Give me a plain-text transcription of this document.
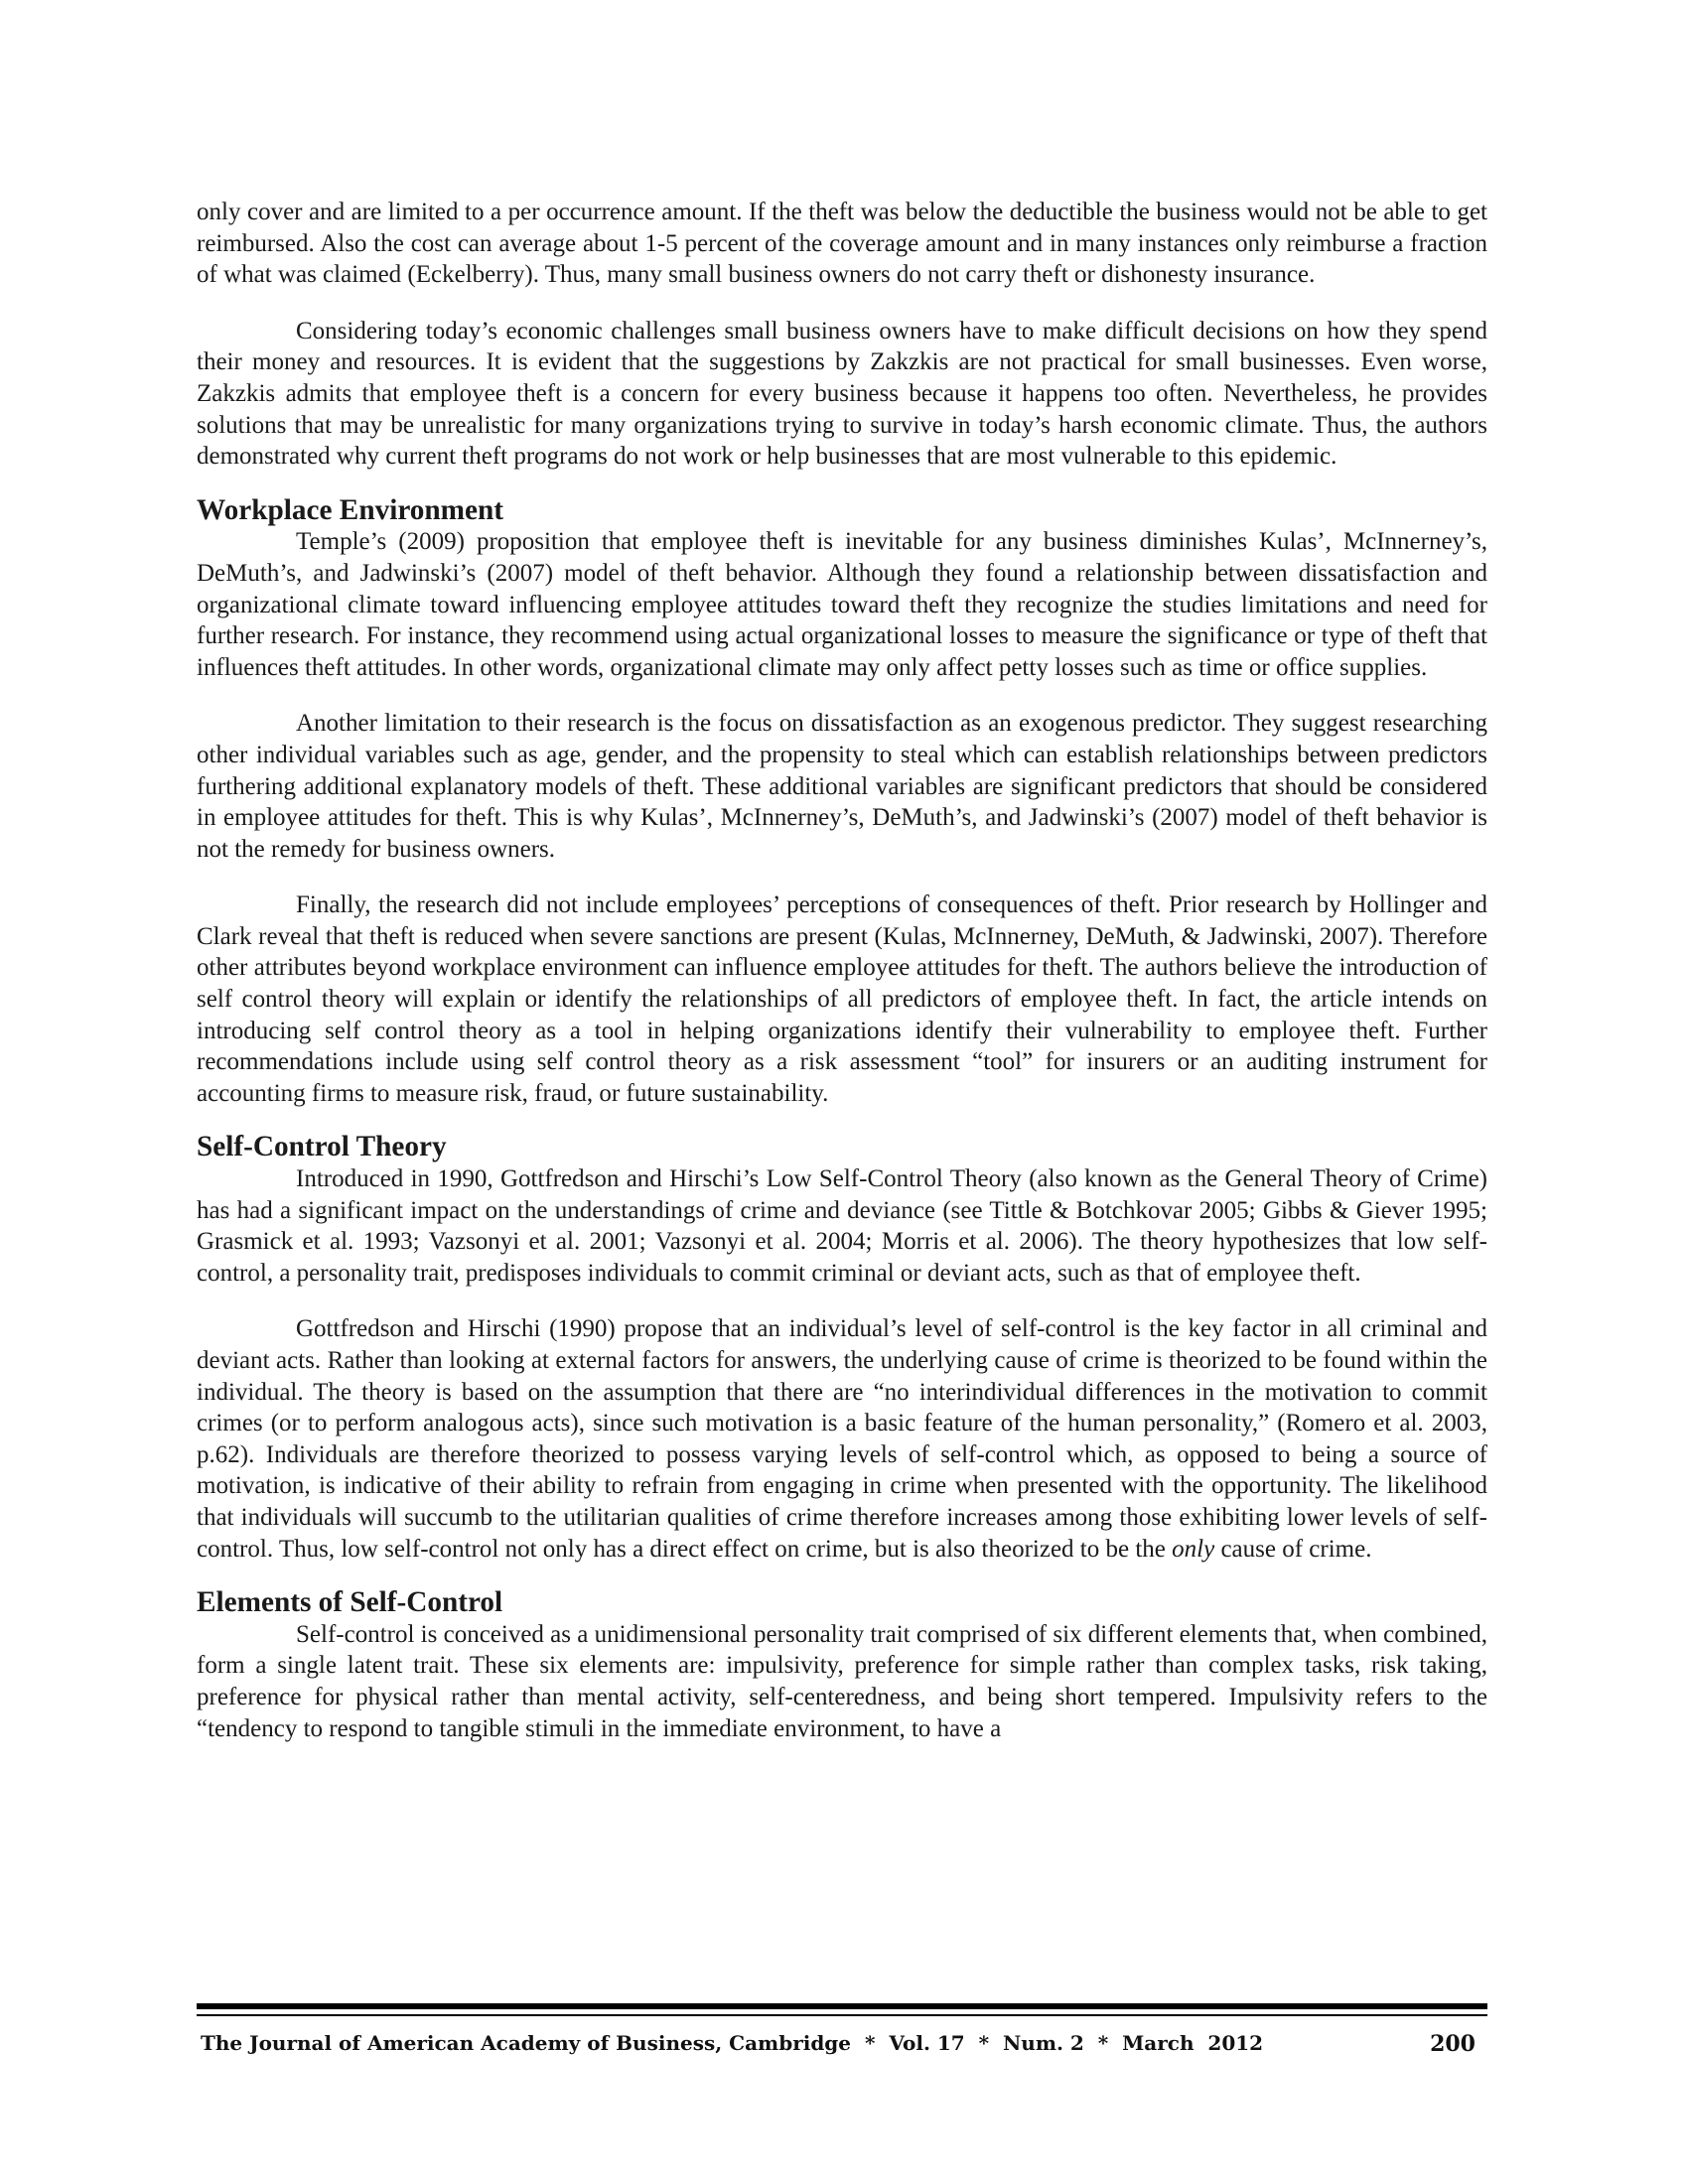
only cover and are limited to a per occurrence amount. If the theft was below the deductible the business would not be able to get reimbursed. Also the cost can average about 1-5 percent of the coverage amount and in many instances only reimburse a fraction of what was claimed (Eckelberry). Thus, many small business owners do not carry theft or dishonesty insurance.

Considering today’s economic challenges small business owners have to make difficult decisions on how they spend their money and resources. It is evident that the suggestions by Zakzkis are not practical for small businesses. Even worse, Zakzkis admits that employee theft is a concern for every business because it happens too often. Nevertheless, he provides solutions that may be unrealistic for many organizations trying to survive in today’s harsh economic climate. Thus, the authors demonstrated why current theft programs do not work or help businesses that are most vulnerable to this epidemic.

Workplace Environment

Temple’s (2009) proposition that employee theft is inevitable for any business diminishes Kulas’, McInnerney’s, DeMuth’s, and Jadwinski’s (2007) model of theft behavior. Although they found a relationship between dissatisfaction and organizational climate toward influencing employee attitudes toward theft they recognize the studies limitations and need for further research. For instance, they recommend using actual organizational losses to measure the significance or type of theft that influences theft attitudes. In other words, organizational climate may only affect petty losses such as time or office supplies.

Another limitation to their research is the focus on dissatisfaction as an exogenous predictor. They suggest researching other individual variables such as age, gender, and the propensity to steal which can establish relationships between predictors furthering additional explanatory models of theft. These additional variables are significant predictors that should be considered in employee attitudes for theft. This is why Kulas’, McInnerney’s, DeMuth’s, and Jadwinski’s (2007) model of theft behavior is not the remedy for business owners.

Finally, the research did not include employees’ perceptions of consequences of theft. Prior research by Hollinger and Clark reveal that theft is reduced when severe sanctions are present (Kulas, McInnerney, DeMuth, & Jadwinski, 2007). Therefore other attributes beyond workplace environment can influence employee attitudes for theft. The authors believe the introduction of self control theory will explain or identify the relationships of all predictors of employee theft. In fact, the article intends on introducing self control theory as a tool in helping organizations identify their vulnerability to employee theft. Further recommendations include using self control theory as a risk assessment “tool” for insurers or an auditing instrument for accounting firms to measure risk, fraud, or future sustainability.

Self-Control Theory

Introduced in 1990, Gottfredson and Hirschi’s Low Self-Control Theory (also known as the General Theory of Crime) has had a significant impact on the understandings of crime and deviance (see Tittle & Botchkovar 2005; Gibbs & Giever 1995; Grasmick et al. 1993; Vazsonyi et al. 2001; Vazsonyi et al. 2004; Morris et al. 2006). The theory hypothesizes that low self-control, a personality trait, predisposes individuals to commit criminal or deviant acts, such as that of employee theft.

Gottfredson and Hirschi (1990) propose that an individual’s level of self-control is the key factor in all criminal and deviant acts. Rather than looking at external factors for answers, the underlying cause of crime is theorized to be found within the individual. The theory is based on the assumption that there are “no interindividual differences in the motivation to commit crimes (or to perform analogous acts), since such motivation is a basic feature of the human personality,” (Romero et al. 2003, p.62). Individuals are therefore theorized to possess varying levels of self-control which, as opposed to being a source of motivation, is indicative of their ability to refrain from engaging in crime when presented with the opportunity. The likelihood that individuals will succumb to the utilitarian qualities of crime therefore increases among those exhibiting lower levels of self-control. Thus, low self-control not only has a direct effect on crime, but is also theorized to be the only cause of crime.

Elements of Self-Control

Self-control is conceived as a unidimensional personality trait comprised of six different elements that, when combined, form a single latent trait. These six elements are: impulsivity, preference for simple rather than complex tasks, risk taking, preference for physical rather than mental activity, self-centeredness, and being short tempered. Impulsivity refers to the “tendency to respond to tangible stimuli in the immediate environment, to have a

The Journal of American Academy of Business, Cambridge  *  Vol. 17  *  Num. 2  *  March  2012	200
